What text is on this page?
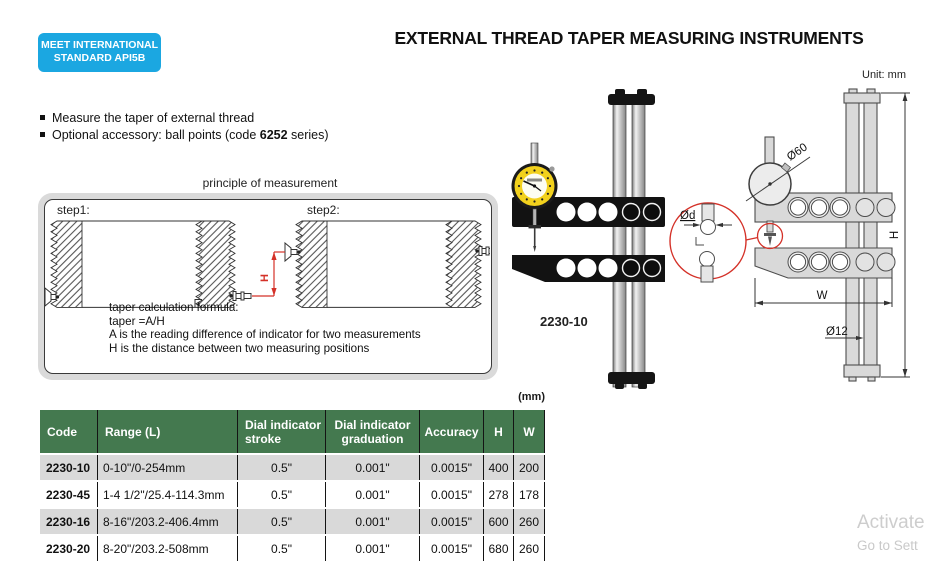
MEET INTERNATIONAL
STANDARD API5B
EXTERNAL THREAD TAPER MEASURING INSTRUMENTS
Unit: mm
Measure the taper of external thread
Optional accessory: ball points (code 6252 series)
principle of measurement
step1:	step2:
H
taper calculation formula:
taper =A/H
A is the reading difference of indicator for two measurements
H is the distance between two measuring positions
2230-10
Ø60
Ød
W
Ø12
H
(mm)
Code	Range (L)	Dial indicator stroke	Dial indicator graduation	Accuracy	H	W
2230-10	0-10"/0-254mm	0.5"	0.001"	0.0015"	400	200
2230-45	1-4 1/2"/25.4-114.3mm	0.5"	0.001"	0.0015"	278	178
2230-16	8-16"/203.2-406.4mm	0.5"	0.001"	0.0015"	600	260
2230-20	8-20"/203.2-508mm	0.5"	0.001"	0.0015"	680	260
Activate
Go to Sett
